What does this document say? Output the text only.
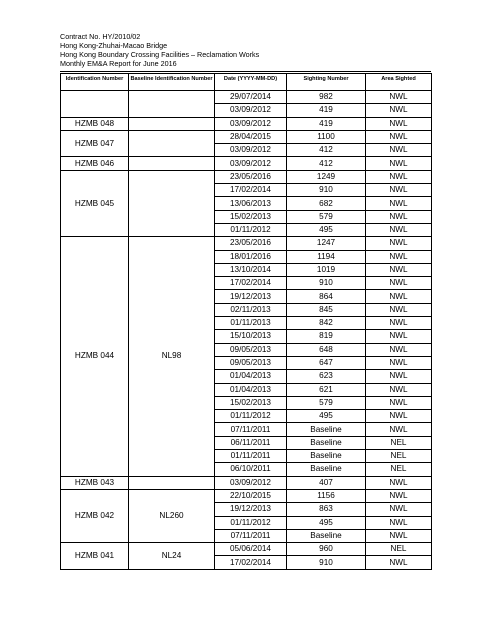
Contract No. HY/2010/02
Hong Kong-Zhuhai-Macao Bridge
Hong Kong Boundary Crossing Facilities – Reclamation Works
Monthly EM&A Report for June 2016
Identification Number	Baseline Identification Number	Date (YYYY-MM-DD)	Sighting Number	Area Sighted
		29/07/2014	982	NWL
		03/09/2012	419	NWL
HZMB 048		03/09/2012	419	NWL
HZMB 047		28/04/2015	1100	NWL
		03/09/2012	412	NWL
HZMB 046		03/09/2012	412	NWL
HZMB 045		23/05/2016	1249	NWL
		17/02/2014	910	NWL
		13/06/2013	682	NWL
		15/02/2013	579	NWL
		01/11/2012	495	NWL
HZMB 044	NL98	23/05/2016	1247	NWL
		18/01/2016	1194	NWL
		13/10/2014	1019	NWL
		17/02/2014	910	NWL
		19/12/2013	864	NWL
		02/11/2013	845	NWL
		01/11/2013	842	NWL
		15/10/2013	819	NWL
		09/05/2013	648	NWL
		09/05/2013	647	NWL
		01/04/2013	623	NWL
		01/04/2013	621	NWL
		15/02/2013	579	NWL
		01/11/2012	495	NWL
		07/11/2011	Baseline	NWL
		06/11/2011	Baseline	NEL
		01/11/2011	Baseline	NEL
		06/10/2011	Baseline	NEL
HZMB 043		03/09/2012	407	NWL
HZMB 042	NL260	22/10/2015	1156	NWL
		19/12/2013	863	NWL
		01/11/2012	495	NWL
		07/11/2011	Baseline	NWL
HZMB 041	NL24	05/06/2014	960	NEL
		17/02/2014	910	NWL
